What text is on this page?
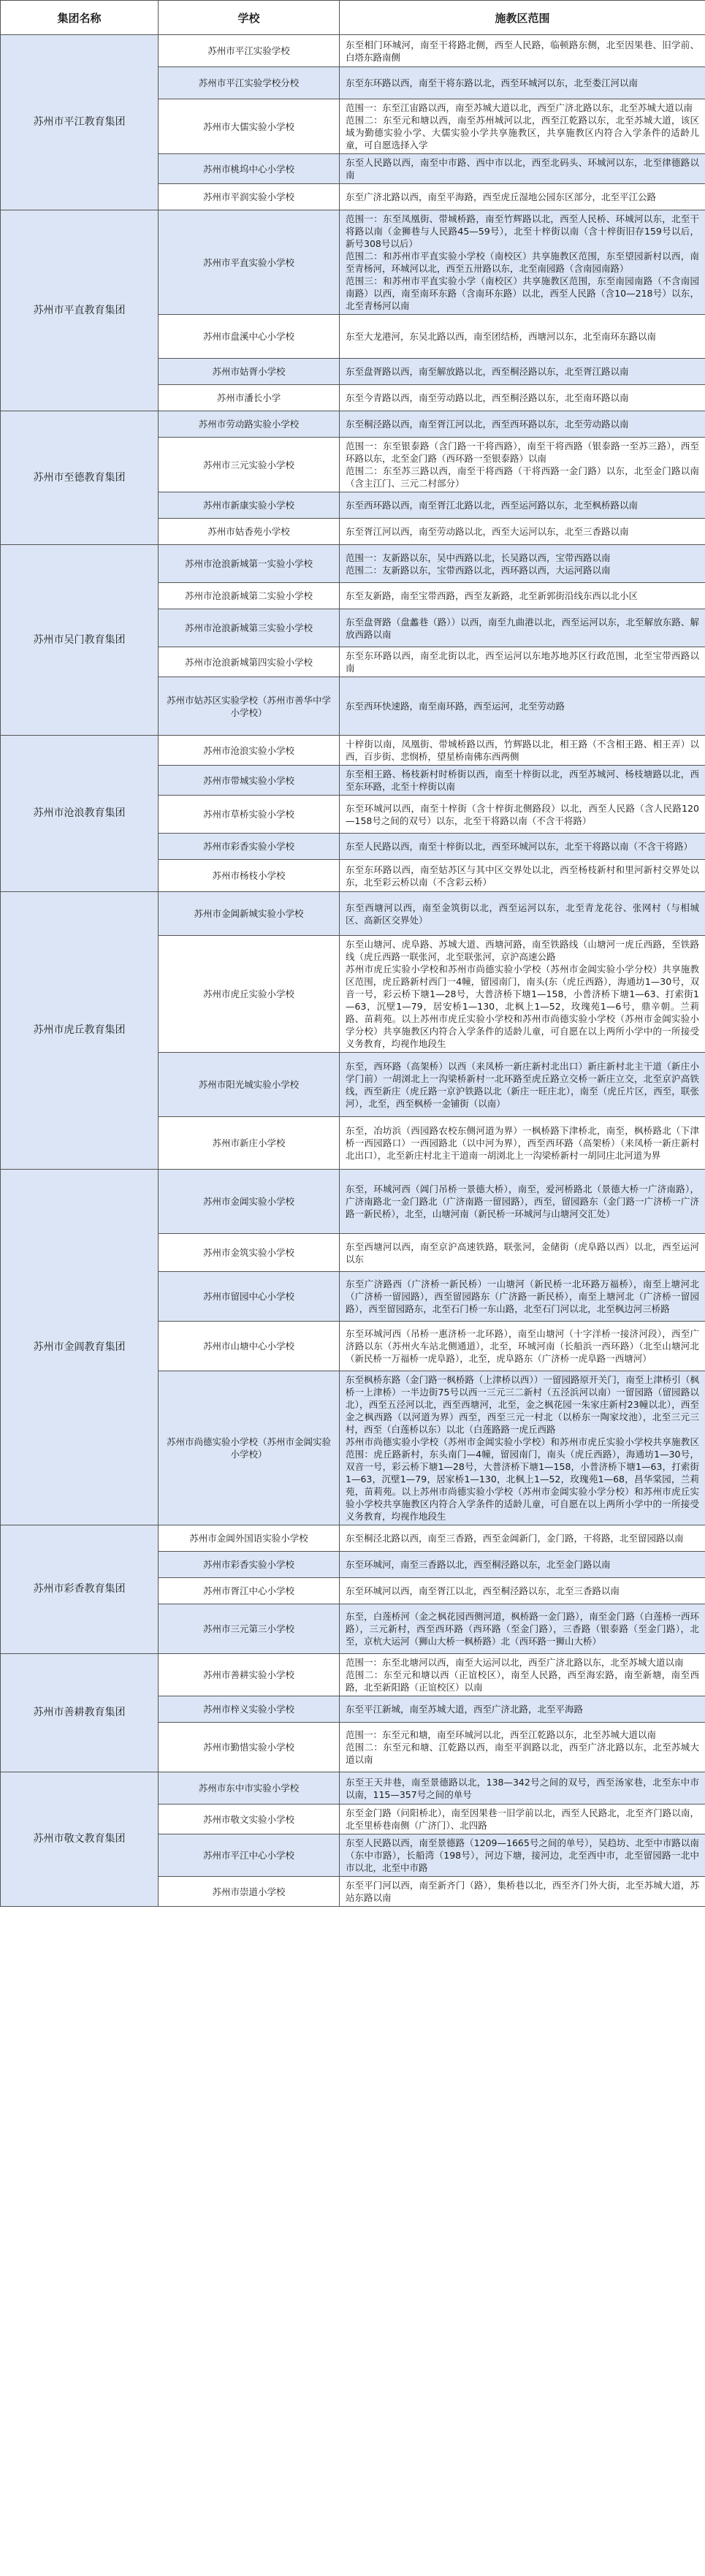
集团名称	学校	施教区范围
苏州市平江教育集团	苏州市平江实验学校	东至相门环城河，南至干将路北侧，西至人民路，临顿路东侧，北至因果巷、旧学前、白塔东路南侧

	苏州市平江实验学校分校	东至东环路以西，南至干将东路以北，西至环城河以东，北至娄江河以南

	苏州市大儒实验小学校	范围一：东至江宙路以西，南至苏城大道以北，西至广济北路以东，北至苏城大道以南
范围二：东至元和塘以西，南至苏州城河以北，西至江乾路以东，北至苏城大道，该区域为勤德实验小学、大儒实验小学共享施教区，共享施教区内符合入学条件的适龄儿童，可自愿选择入学

	苏州市桃坞中心小学校	东至人民路以西，南至中市路、西中市以北，西至北码头、环城河以东，北至律德路以南

	苏州市平润实验小学校	东至广济北路以西，南至平海路，西至虎丘湿地公园东区部分，北至平江公路

苏州市平直教育集团	苏州市平直实验小学校	范围一：东至凤凰街、带城桥路，南至竹辉路以北，西至人民桥、环城河以东，北至干将路以南（金狮巷与人民路45—59号），北至十梓街以南（含十梓街旧存159号以后，新号308号以后）
范围二：和苏州市平直实验小学校（南校区）共享施教区范围，东至望园新村以西，南至青杨河，环城河以北，西至五卅路以东，北至南园路（含南园南路）
范围三：和苏州市平直实验小学（南校区）共享施教区范围，东至南园南路（不含南园南路）以西，南至南环东路（含南环东路）以北，西至人民路（含10—218号）以东，北至青杨河以南

	苏州市盘溪中心小学校	东至大龙港河，东吴北路以西，南至团结桥，西塘河以东，北至南环东路以南

	苏州市姑胥小学校	东至盘胥路以西，南至解放路以北，西至桐泾路以东，北至胥江路以南

	苏州市潘长小学	东至今青路以西，南至劳动路以北，西至桐泾路以东，北至南环路以南

苏州市至德教育集团	苏州市劳动路实验小学校	东至桐泾路以西，南至胥江河以北，西至西环路以东，北至劳动路以南

	苏州市三元实验小学校	范围一：东至银泰路（含门路一干将西路），南至干将西路（银泰路一至苏三路），西至环路以东，北至金门路（西环路一至银泰路）以南
范围二：东至苏三路以西，南至干将西路（干将西路一金门路）以东，北至金门路以南（含主江门、三元二村部分）

	苏州市新康实验小学校	东至西环路以西，南至胥江北路以北，西至运河路以东，北至枫桥路以南

	苏州市姑香苑小学校	东至胥江河以西，南至劳动路以北，西至大运河以东，北至三香路以南

苏州市吴门教育集团	苏州市沧浪新城第一实验小学校	范围一：友新路以东，吴中西路以北，长吴路以西，宝带西路以南
范围二：友新路以东，宝带西路以北，西环路以西，大运河路以南

	苏州市沧浪新城第二实验小学校	东至友新路，南至宝带西路，西至友新路，北至新郭街沿线东西以北小区

	苏州市沧浪新城第三实验小学校	东至盘胥路（盘蠡巷（路））以西，南至九曲港以北，西至运河以东，北至解放东路、解放西路以南

	苏州市沧浪新城第四实验小学校	东至东环路以西，南至北街以北，西至运河以东地苏地苏区行政范围，北至宝带西路以南

	苏州市姑苏区实验学校（苏州市善华中学小学校）	东至西环快速路，南至南环路，西至运河，北至劳动路

苏州市沧浪教育集团	苏州市沧浪实验小学校	十梓街以南，凤凰街、带城桥路以西，竹辉路以北，相王路（不含相王路、相王弄）以西，百步街、悲悯桥，望星桥南佛东西两侧

	苏州市带城实验小学校	东至相王路、杨枝新村时桥街以西，南至十梓街以北，西至苏城河、杨枝塘路以北，西至东环路，北至十梓街以南

	苏州市草桥实验小学校	东至环城河以西，南至十梓街（含十梓街北侧路段）以北，西至人民路（含人民路120—158号之间的双号）以东，北至干将路以南（不含干将路）

	苏州市彩香实验小学校	东至人民路以西，南至十梓街以北，西至环城河以东，北至干将路以南（不含干将路）

	苏州市杨枝小学校	东至东环路以西，南至姑苏区与其中区交界处以北，西至杨枝新村和里河新村交界处以东，北至彩云桥以南（不含彩云桥）

苏州市虎丘教育集团	苏州市金阊新城实验小学校	东至西塘河以西，南至金筑街以北，西至运河以东，北至青龙花谷、张网村（与相城区、高新区交界处）

	苏州市虎丘实验小学校	东至山塘河、虎阜路、苏城大道、西塘河路，南至铁路线（山塘河一虎丘西路，至铁路线（虎丘西路一联张河，北至联张河，京沪高速公路
苏州市虎丘实验小学校和苏州市尚德实验小学校（苏州市金阊实验小学分校）共享施教区范围，虎丘路新村西门一4幢，留园南门，南头(东（虎丘西路），海通坊1—30号，双音一号，彩云桥下塘1—28号，大普济桥下塘1—158，小普济桥下塘1—63、打索街1—63，沉壁1—79，居安桥1—130，北枫上1—52，玫瑰苑1—6号，鼎辛朝。兰莉路、苗莉苑。以上苏州市虎丘实验小学校和苏州市尚德实验小学校（苏州市金阊实验小学分校）共享施教区内符合入学条件的适龄儿童，可自愿在以上两所小学中的一所接受义务教育，均视作地段生

	苏州市阳光城实验小学校	东至，西环路（高架桥）以西（来凤桥一新庄新村北出口）新庄新村北主干道（新庄小学门前）一胡浏北上一沟梁桥新村一北环路至虎丘路立交桥一新庄立交，北至京沪高铁线，西至新庄（虎丘路一京沪铁路以北（新庄一旺庄北），南至（虎丘片区，西至，联张河），北至，西至枫桥一金铺街（以南）

	苏州市新庄小学校	东至，冶坊浜（西园路农校东侧河道为界）一枫桥路下津桥北，南至，枫桥路北（下津桥一西园路口）一西园路北（以中河为界），西至西环路（高架桥）（来凤桥一新庄新村北出口），北至新庄村北主干道南一胡浏北上一沟梁桥新村一胡同庄北河道为界

苏州市金阊教育集团	苏州市金阊实验小学校	东至，环城河西（阊门吊桥一景德大桥），南至，爱河桥路北（景德大桥一广济南路），广济南路北一金门路北（广济南路一留园路），西至，留园路东（金门路一广济桥一广济路一新民桥），北至，山塘河南（新民桥一环城河与山塘河交汇处）

	苏州市金筑实验小学校	东至西塘河以西，南至京沪高速铁路，联张河，金储街（虎阜路以西）以北，西至运河以东

	苏州市留园中心小学校	东至广济路西（广济桥一新民桥）一山塘河（新民桥一北环路万福桥），南至上塘河北（广济桥一留园路），西至留园路东（广济路一新民桥），南至上塘河北（广济桥一留园路），西至留园路东，北至石门桥一东山路，北至石门河以北，北至枫边河三桥路

	苏州市山塘中心小学校	东至环城河西（吊桥一惠济桥一北环路），南至山塘河（十字洋桥一接济河段），西至广济路以东（苏州火车站北侧通道），北至，环城河南（长船浜一西环路）（北至山塘河北（新民桥一万福桥一虎阜路），北至，虎阜路东（广济桥一虎阜路一西塘河）

	苏州市尚德实验小学校（苏州市金阊实验小学校）	东至枫桥东路（金门路一枫桥路（上津桥以西））一留园路原开关门，南至上津桥引（枫桥一上津桥）一半边街75号以西一三元三二新村（五泾浜河以南）一留园路（留园路以北），西至五泾河以北，西至西塘河，北至，金之枫花园一朱家庄新村23幢以北），西至金之枫西路（以河道为界）西至，西至三元一村北（以桥东一陶家坟池），北至三元三村，西至（白莲桥以东）以北（白莲路路一虎丘西路
苏州市尚德实验小学校（苏州市金阊实验小学校）和苏州市虎丘实验小学校共享施教区范围：虎丘路新村，东头南门—4幢，留园南门，南头（虎丘西路），海通坊1—30号，双音一号，彩云桥下塘1—28号，大普济桥下塘1—158，小普济桥下塘1—63，打索街1—63，沉壁1—79，居家桥1—130，北枫上1—52，玫瑰苑1—68，昌华棠园，兰莉苑，苗莉苑。以上苏州市尚德实验小学校（苏州市金阊实验小学分校）和苏州市虎丘实验小学校共享施教区内符合入学条件的适龄儿童，可自愿在以上两所小学中的一所接受义务教育，均视作地段生

苏州市彩香教育集团	苏州市金阊外国语实验小学校	东至桐泾北路以西，南至三香路，西至金阊新门，金门路，干将路，北至留园路以南

	苏州市彩香实验小学校	东至环城河，南至三香路以北，西至桐泾路以东，北至金门路以南

	苏州市胥江中心小学校	东至环城河以西，南至胥江以北，西至桐泾路以东，北至三香路以南

	苏州市三元第三小学校	东至，白莲桥河（金之枫花园西侧河道，枫桥路一金门路），南至金门路（白莲桥一西环路），三元新村，西至西环路（西环路（至金门路），三香路（银泰路（至金门路），北至，京杭大运河（狮山大桥一枫桥路）北（西环路一狮山大桥）

苏州市善耕教育集团	苏州市善耕实验小学校	范围一：东至北塘河以西，南至大运河以北，西至广济北路以东，北至苏城大道以南
范围二：东至元和塘以西（正谊校区），南至人民路，西至海宏路，南至新塘，南至西路，北至新阳路（正谊校区）以南

	苏州市梓义实验小学校	东至平江新城，南至苏城大道，西至广济北路，北至平海路

	苏州市勤惜实验小学校	范围一：东至元和塘，南至环城河以北，西至江乾路以东，北至苏城大道以南
范围二：东至元和塘、江乾路以西，南至平润路以北，西至广济北路以东，北至苏城大道以南

苏州市敬文教育集团	苏州市东中市实验小学校	东至王天井巷，南至景德路以北，138—342号之间的双号，西至汤家巷，北至东中市以南，115—357号之间的单号

	苏州市敬文实验小学校	东至金门路（问阳桥北），南至因果巷一旧学前以北，西至人民路北，北至齐门路以南，北至里桥巷南侧（广济门）、北四路

	苏州市平江中心小学校	东至人民路以西，南至景德路（1209—1665号之间的单号），吴趋坊、北至中市路以南（东中市路），长船湾（198号），河边下塘，接河边，北至西中市，北至留园路一北中市以北，北至中市路

	苏州市崇道小学校	东至平门河以西，南至新齐门（路），集桥巷以北，西至齐门外大街，北至苏城大道，苏站东路以南
